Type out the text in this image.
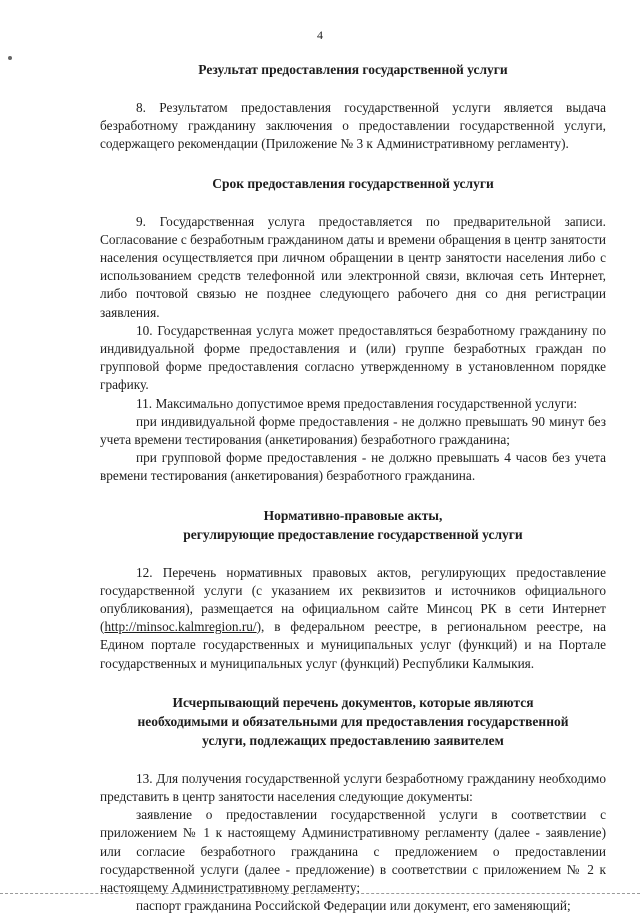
4
Результат предоставления государственной услуги

8. Результатом предоставления государственной услуги является выдача безработному гражданину заключения о предоставлении государственной услуги, содержащего рекомендации (Приложение № 3 к Административному регламенту).

Срок предоставления государственной услуги

9. Государственная услуга предоставляется по предварительной записи. Согласование с безработным гражданином даты и времени обращения в центр занятости населения осуществляется при личном обращении в центр занятости населения либо с использованием средств телефонной или электронной связи, включая сеть Интернет, либо почтовой связью не позднее следующего рабочего дня со дня регистрации заявления.

10. Государственная услуга может предоставляться безработному гражданину по индивидуальной форме предоставления и (или) группе безработных граждан по групповой форме предоставления согласно утвержденному в установленном порядке графику.

11. Максимально допустимое время предоставления государственной услуги:

при индивидуальной форме предоставления - не должно превышать 90 минут без учета времени тестирования (анкетирования) безработного гражданина;

при групповой форме предоставления - не должно превышать 4 часов без учета времени тестирования (анкетирования) безработного гражданина.

Нормативно-правовые акты,
регулирующие предоставление государственной услуги

12. Перечень нормативных правовых актов, регулирующих предоставление государственной услуги (с указанием их реквизитов и источников официального опубликования), размещается на официальном сайте Минсоц РК в сети Интернет (http://minsoc.kalmregion.ru/), в федеральном реестре, в региональном реестре, на Едином портале государственных и муниципальных услуг (функций) и на Портале государственных и муниципальных услуг (функций) Республики Калмыкия.

Исчерпывающий перечень документов, которые являются
необходимыми и обязательными для предоставления государственной
услуги, подлежащих предоставлению заявителем

13. Для получения государственной услуги безработному гражданину необходимо представить в центр занятости населения следующие документы:

заявление о предоставлении государственной услуги в соответствии с приложением № 1 к настоящему Административному регламенту (далее - заявление) или согласие безработного гражданина с предложением о предоставлении государственной услуги (далее - предложение) в соответствии с приложением № 2 к настоящему Административному регламенту;

паспорт гражданина Российской Федерации или документ, его заменяющий;
